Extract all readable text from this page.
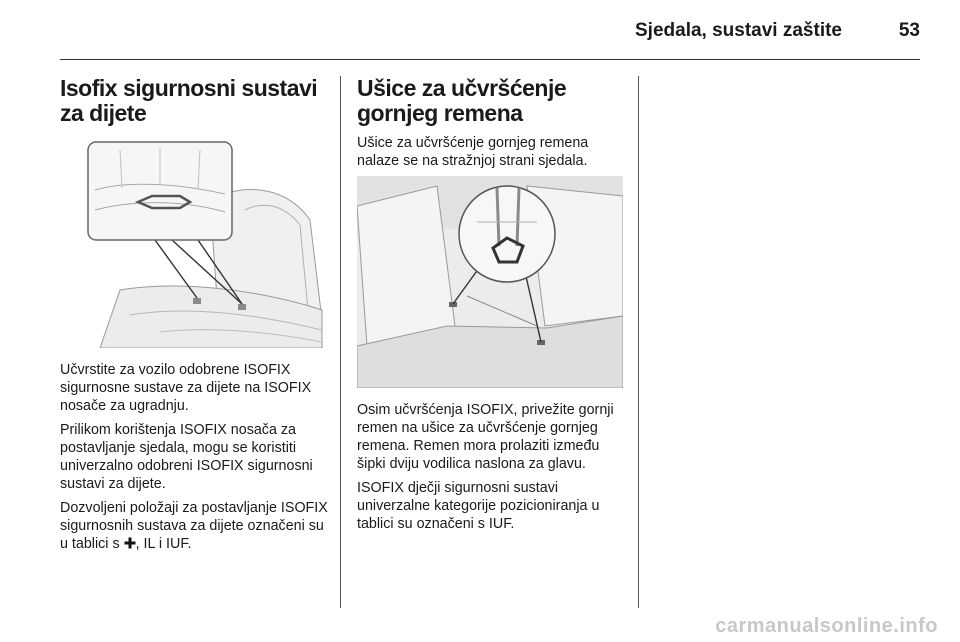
Sjedala, sustavi zaštite	53
Isofix sigurnosni sustavi za dijete

Učvrstite za vozilo odobrene ISOFIX sigurnosne sustave za dijete na ISOFIX nosače za ugradnju.

Prilikom korištenja ISOFIX nosača za postavljanje sjedala, mogu se koristiti univerzalno odobreni ISOFIX sigurnosni sustavi za dijete.

Dozvoljeni položaji za postavljanje ISOFIX sigurnosnih sustava za dijete označeni su u tablici s , IL i IUF.

Ušice za učvršćenje gornjeg remena

Ušice za učvršćenje gornjeg remena nalaze se na stražnjoj strani sjedala.

Osim učvršćenja ISOFIX, privežite gornji remen na ušice za učvršćenje gornjeg remena. Remen mora prolaziti između šipki dviju vodilica naslona za glavu.

ISOFIX dječji sigurnosni sustavi univerzalne kategorije pozicioniranja u tablici su označeni s IUF.

carmanualsonline.info
